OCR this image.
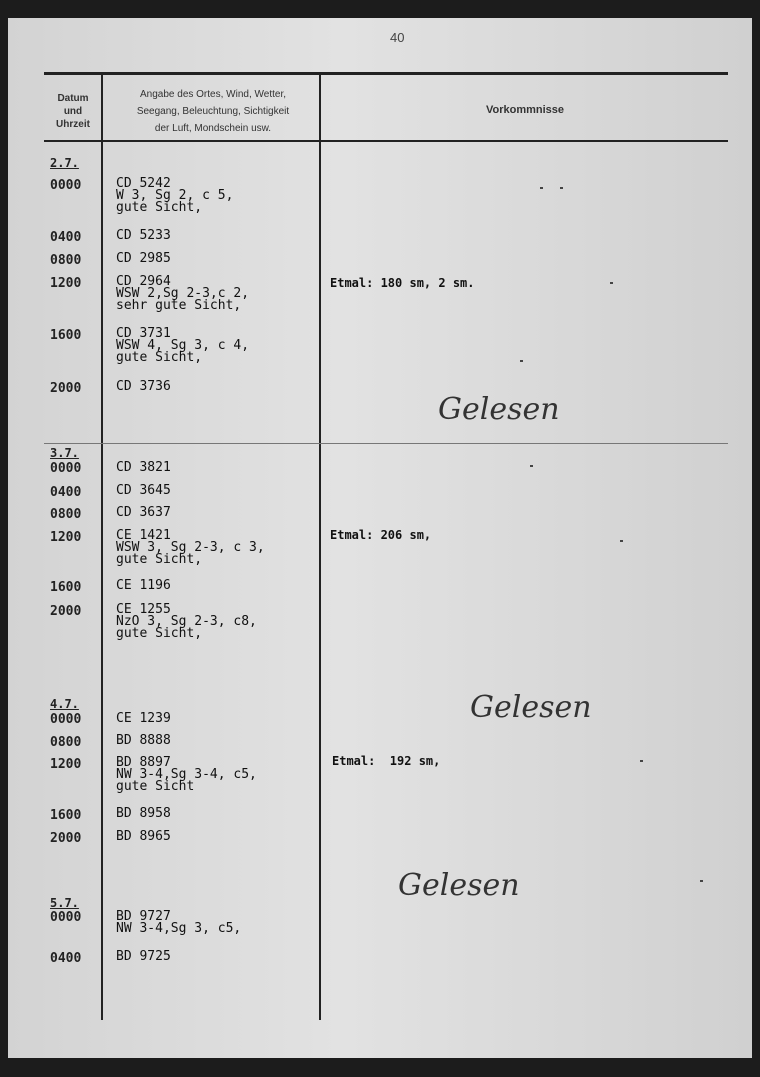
40
Datum
und
Uhrzeit
Angabe des Ortes, Wind, Wetter,
Seegang, Beleuchtung, Sichtigkeit
der Luft, Mondschein usw.
Vorkommnisse
2.7.
0000	CD 5242
W 3, Sg 2, c 5,
gute Sicht,
0400	CD 5233
0800	CD 2985
1200	CD 2964
WSW 2,Sg 2-3,c 2,
sehr gute Sicht,
Etmal: 180 sm, 2 sm.
1600	CD 3731
WSW 4, Sg 3, c 4,
gute Sicht,
2000	CD 3736
Gelesen
3.7.
0000	CD 3821
0400	CD 3645
0800	CD 3637
1200	CE 1421
WSW 3, Sg 2-3, c 3,
gute Sicht,
Etmal: 206 sm,
1600	CE 1196
2000	CE 1255
NzO 3, Sg 2-3, c8,
gute Sicht,
Gelesen
4.7.
0000	CE 1239
0800	BD 8888
1200	BD 8897
NW 3-4,Sg 3-4, c5,
gute Sicht
Etmal:  192 sm,
1600	BD 8958
2000	BD 8965
Gelesen
5.7.
0000	BD 9727
NW 3-4,Sg 3, c5,
0400	BD 9725
